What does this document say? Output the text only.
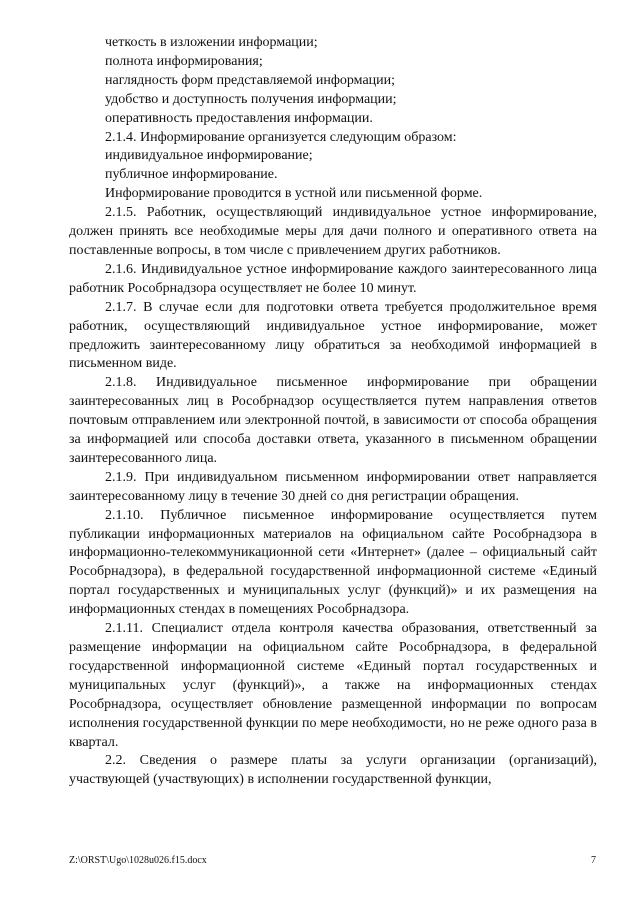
четкость в изложении информации;

полнота информирования;

наглядность форм представляемой информации;

удобство и доступность получения информации;

оперативность предоставления информации.

2.1.4. Информирование организуется следующим образом:

индивидуальное информирование;

публичное информирование.

Информирование проводится в устной или письменной форме.

2.1.5. Работник, осуществляющий индивидуальное устное информирование, должен принять все необходимые меры для дачи полного и оперативного ответа на поставленные вопросы, в том числе с привлечением других работников.

2.1.6. Индивидуальное устное информирование каждого заинтересованного лица работник Рособрнадзора осуществляет не более 10 минут.

2.1.7. В случае если для подготовки ответа требуется продолжительное время работник, осуществляющий индивидуальное устное информирование, может предложить заинтересованному лицу обратиться за необходимой информацией в письменном виде.

2.1.8. Индивидуальное письменное информирование при обращении заинтересованных лиц в Рособрнадзор осуществляется путем направления ответов почтовым отправлением или электронной почтой, в зависимости от способа обращения за информацией или способа доставки ответа, указанного в письменном обращении заинтересованного лица.

2.1.9. При индивидуальном письменном информировании ответ направляется заинтересованному лицу в течение 30 дней со дня регистрации обращения.

2.1.10. Публичное письменное информирование осуществляется путем публикации информационных материалов на официальном сайте Рособрнадзора в информационно-телекоммуникационной сети «Интернет» (далее – официальный сайт Рособрнадзора), в федеральной государственной информационной системе «Единый портал государственных и муниципальных услуг (функций)» и их размещения на информационных стендах в помещениях Рособрнадзора.

2.1.11. Специалист отдела контроля качества образования, ответственный за размещение информации на официальном сайте Рособрнадзора, в федеральной государственной информационной системе «Единый портал государственных и муниципальных услуг (функций)», а также на информационных стендах Рособрнадзора, осуществляет обновление размещенной информации по вопросам исполнения государственной функции по мере необходимости, но не реже одного раза в квартал.

2.2. Сведения о размере платы за услуги организации (организаций), участвующей (участвующих) в исполнении государственной функции,

Z:\ORST\Ugo\1028u026.f15.docx	7
